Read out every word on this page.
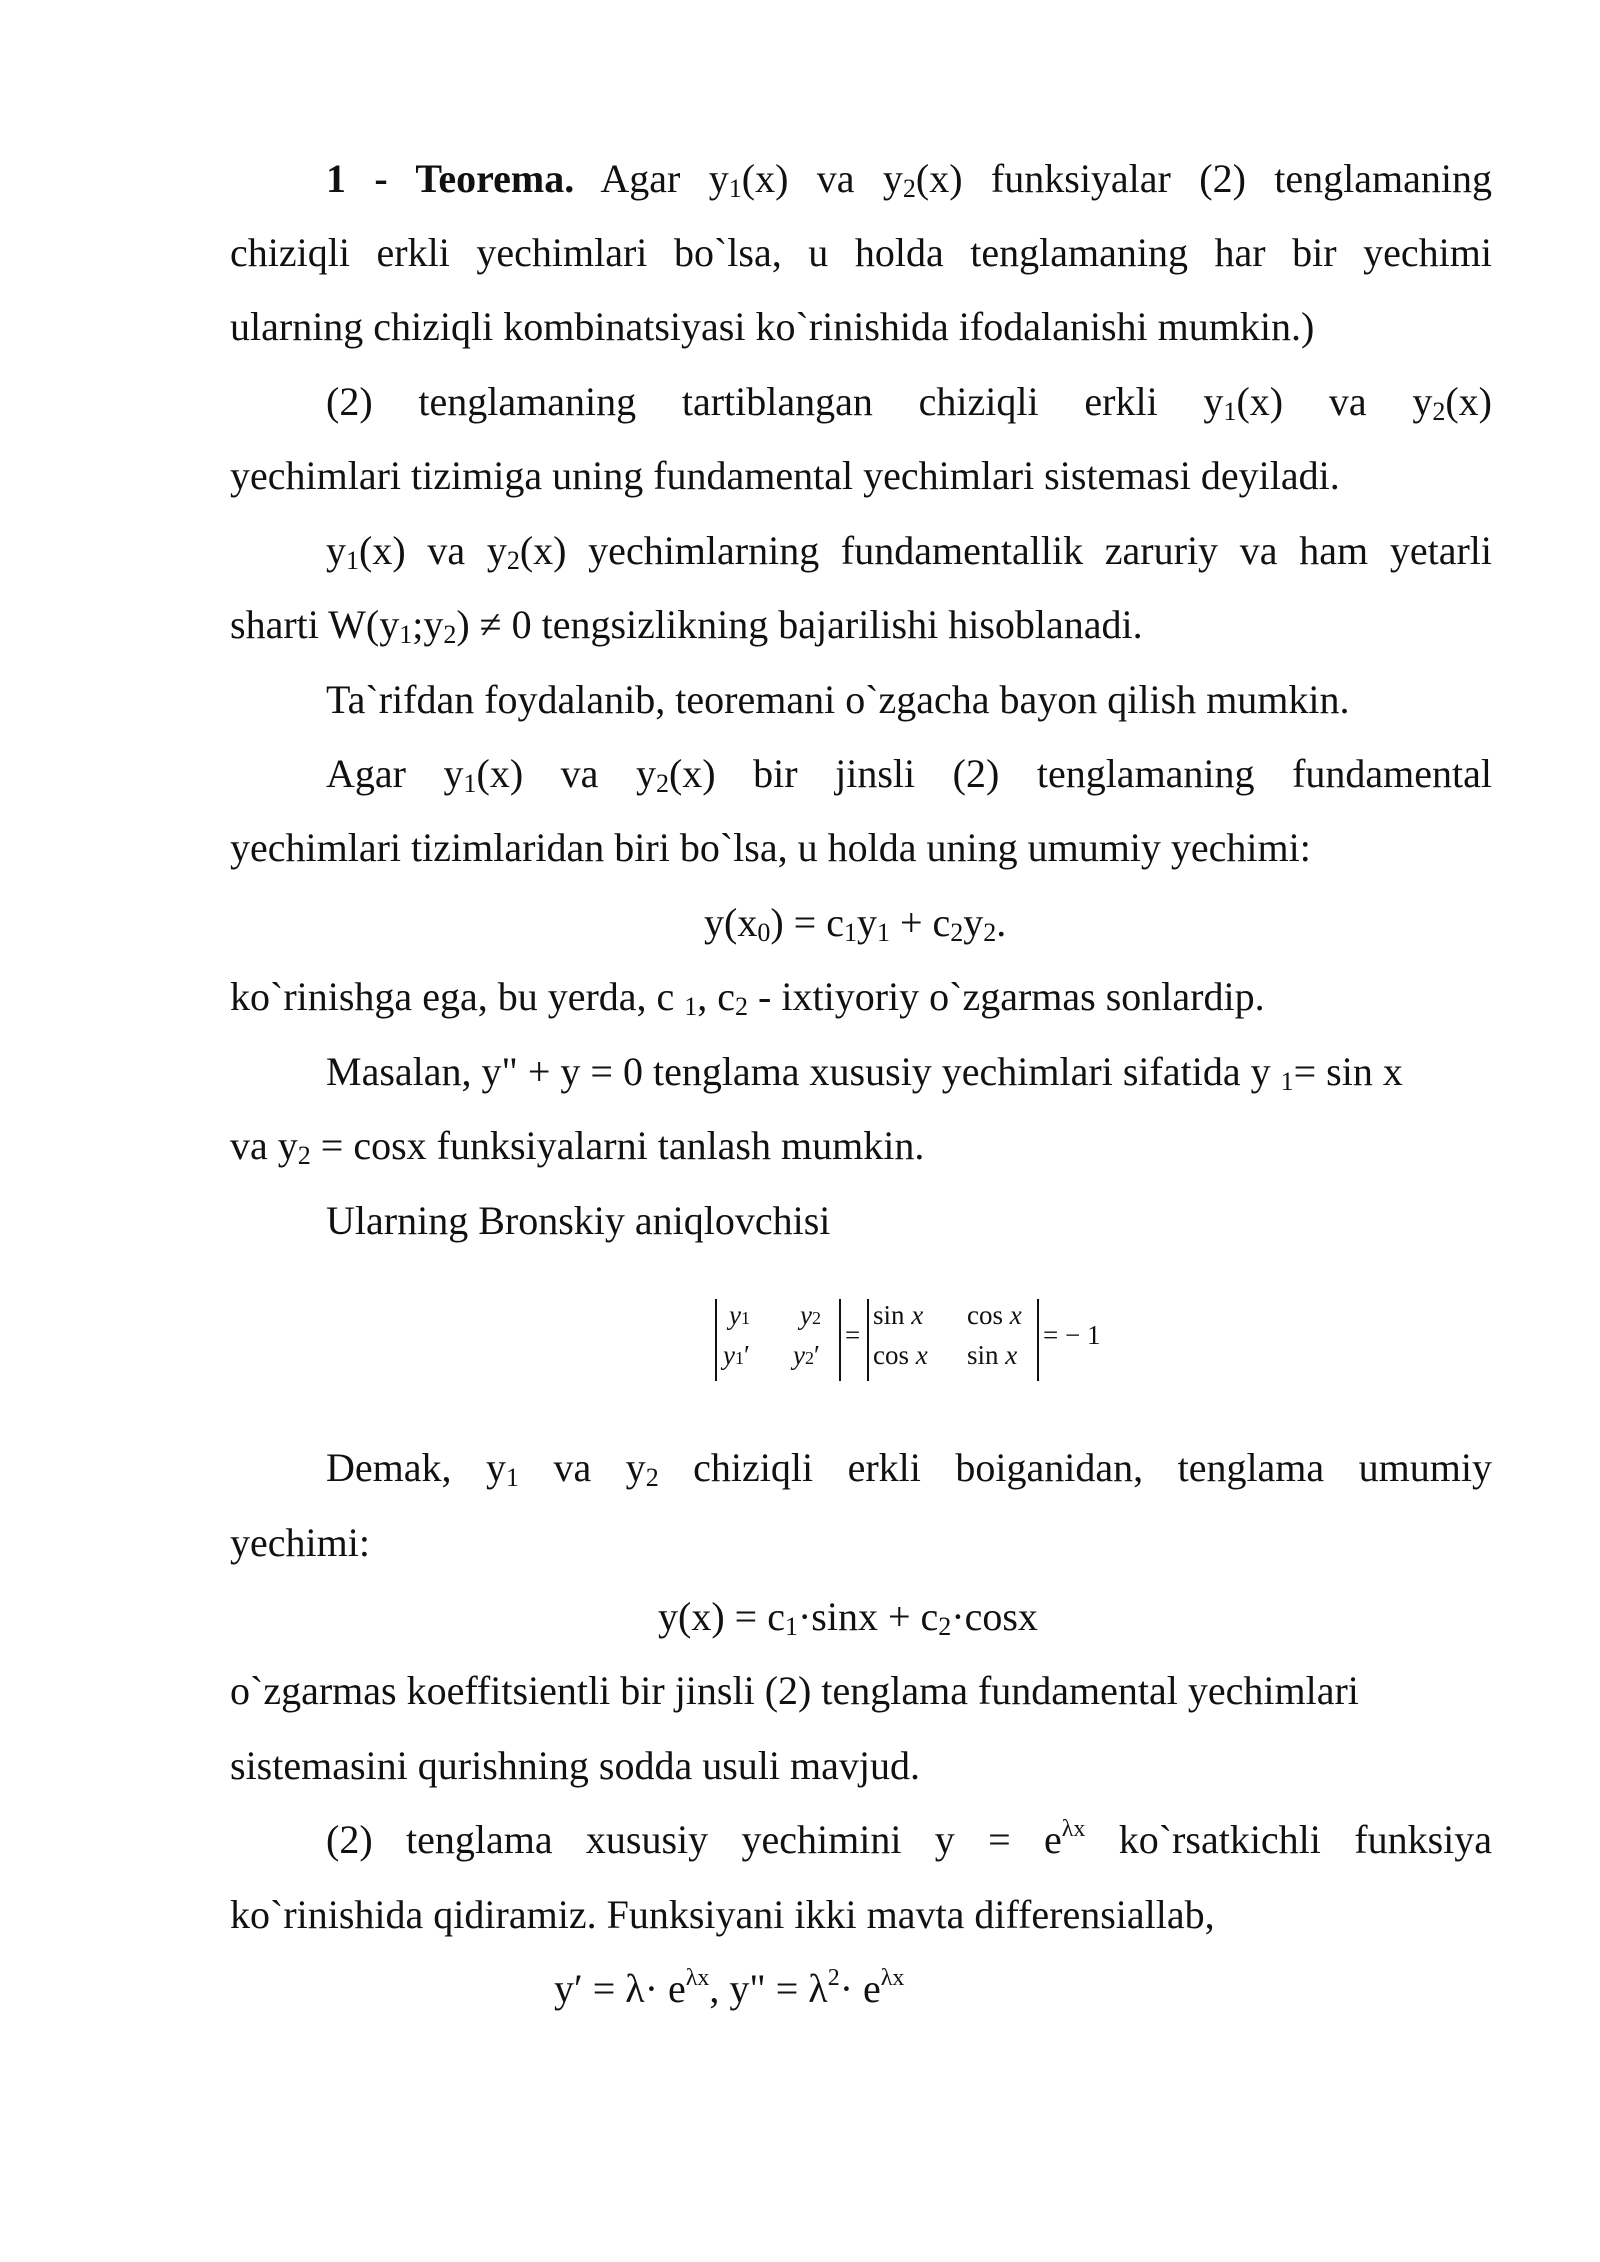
1 - Teorema. Agar y1(x) va y2(x) funksiyalar (2) tenglamaning
chiziqli erkli yechimlari bo`lsa, u holda tenglamaning har bir yechimi
ularning chiziqli kombinatsiyasi ko`rinishida ifodalanishi mumkin.)
(2) tenglamaning tartiblangan chiziqli erkli y1(x) va y2(x)
yechimlari tizimiga uning fundamental yechimlari sistemasi deyiladi.
y1(x) va y2(x) yechimlarning fundamentallik zaruriy va ham yetarli
sharti W(y1;y2) ≠ 0 tengsizlikning bajarilishi hisoblanadi.
Ta`rifdan foydalanib, teoremani o`zgacha bayon qilish mumkin.
Agar y1(x) va y2(x) bir jinsli (2) tenglamaning fundamental
yechimlari tizimlaridan biri bo`lsa, u holda uning umumiy yechimi:
y(x0) = c1y1 + c2y2.
ko`rinishga ega, bu yerda, c 1, c2 - ixtiyoriy o`zgarmas sonlardip.
Masalan, y" + y = 0 tenglama xususiy yechimlari sifatida y 1= sin x
va y2 = cosx funksiyalarni tanlash mumkin.
Ularning Bronskiy aniqlovchisi
y1 y2
y1′ y2′
=
sin x cos x
cos x sin x
= − 1
Demak, y1 va y2 chiziqli erkli boiganidan, tenglama umumiy
yechimi:
y(x) = c1·sinx + c2·cosx
o`zgarmas koeffitsientli bir jinsli (2) tenglama fundamental yechimlari
sistemasini qurishning sodda usuli mavjud.
(2) tenglama xususiy yechimini $y = e^{\lambda x}$ ko`rsatkichli funksiya
ko`rinishida qidiramiz. Funksiyani ikki mavta differensiallab,
$y' = \lambda\cdot e^{\lambda x}$, y" = $\lambda^2\cdot e^{\lambda x}$
